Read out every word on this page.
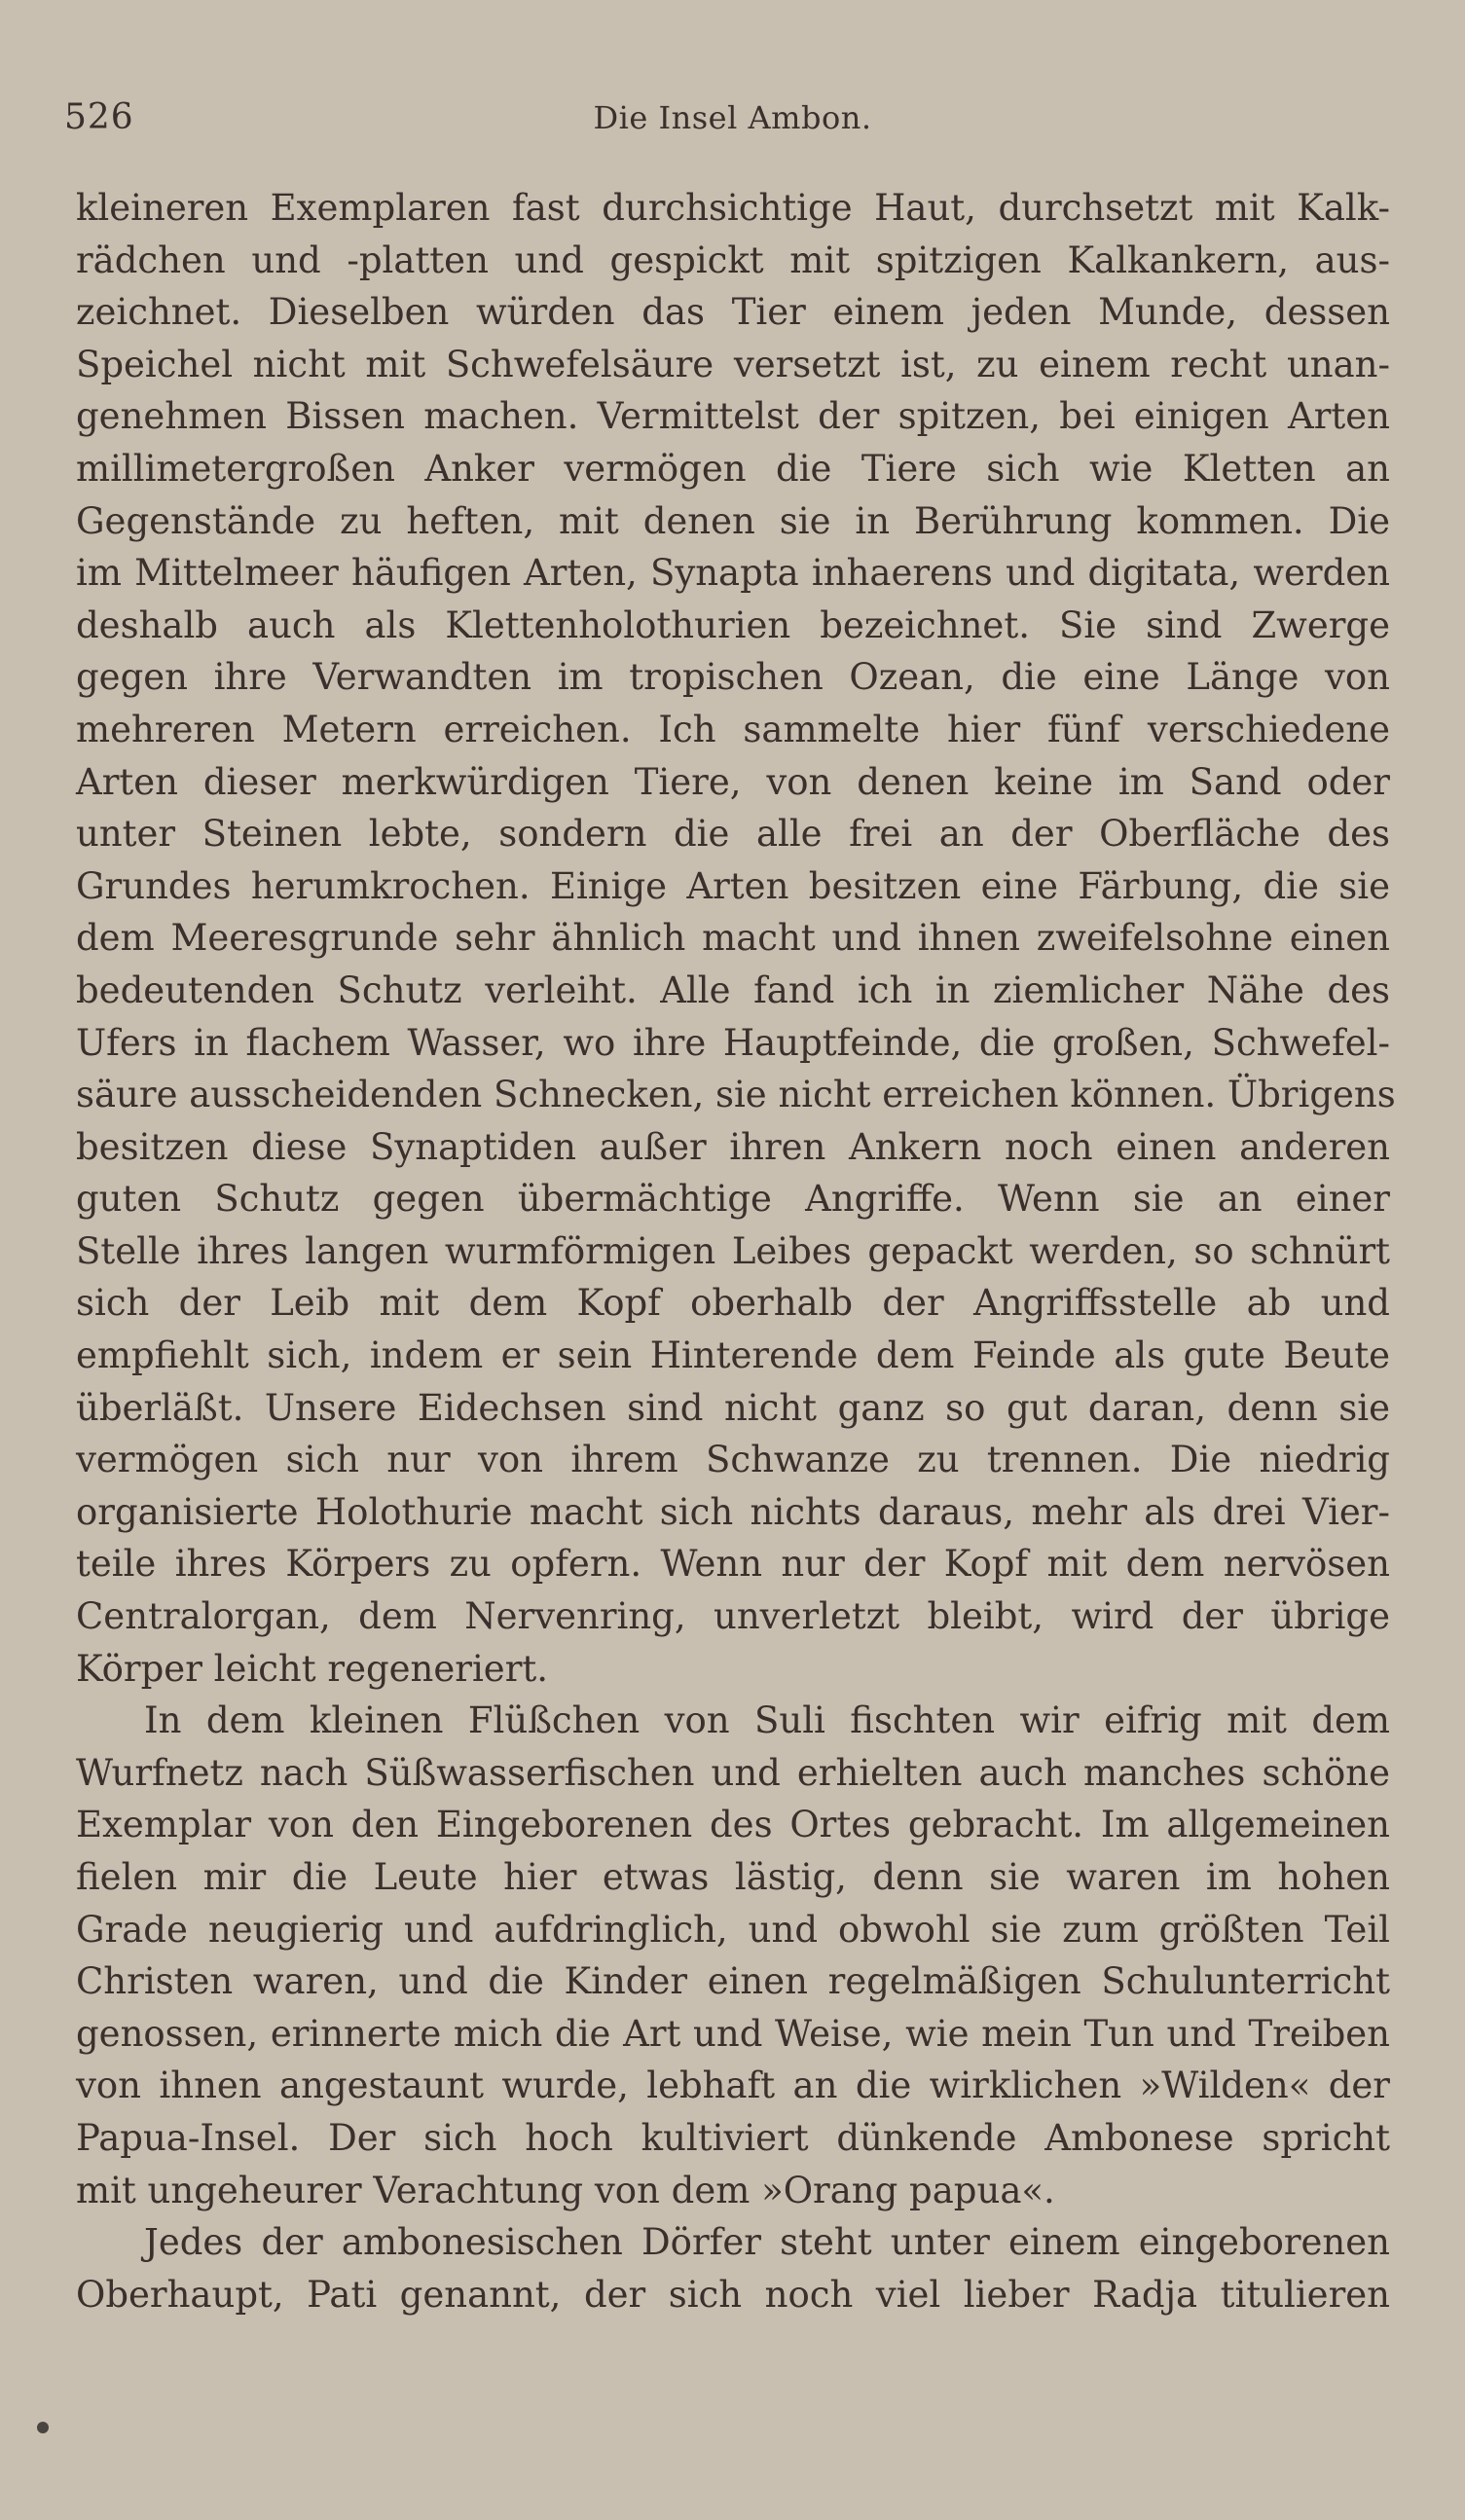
526	Die Insel Ambon.
kleineren Exemplaren fast durchsichtige Haut, durchsetzt mit Kalk-
rädchen und -platten und gespickt mit spitzigen Kalkankern, aus-
zeichnet. Dieselben würden das Tier einem jeden Munde, dessen
Speichel nicht mit Schwefelsäure versetzt ist, zu einem recht unan-
genehmen Bissen machen. Vermittelst der spitzen, bei einigen Arten
millimetergroßen Anker vermögen die Tiere sich wie Kletten an
Gegenstände zu heften, mit denen sie in Berührung kommen. Die
im Mittelmeer häufigen Arten, Synapta inhaerens und digitata, werden
deshalb auch als Klettenholothurien bezeichnet. Sie sind Zwerge
gegen ihre Verwandten im tropischen Ozean, die eine Länge von
mehreren Metern erreichen. Ich sammelte hier fünf verschiedene
Arten dieser merkwürdigen Tiere, von denen keine im Sand oder
unter Steinen lebte, sondern die alle frei an der Oberfläche des
Grundes herumkrochen. Einige Arten besitzen eine Färbung, die sie
dem Meeresgrunde sehr ähnlich macht und ihnen zweifelsohne einen
bedeutenden Schutz verleiht. Alle fand ich in ziemlicher Nähe des
Ufers in flachem Wasser, wo ihre Hauptfeinde, die großen, Schwefel-
säure ausscheidenden Schnecken, sie nicht erreichen können. Übrigens
besitzen diese Synaptiden außer ihren Ankern noch einen anderen
guten Schutz gegen übermächtige Angriffe. Wenn sie an einer
Stelle ihres langen wurmförmigen Leibes gepackt werden, so schnürt
sich der Leib mit dem Kopf oberhalb der Angriffsstelle ab und
empfiehlt sich, indem er sein Hinterende dem Feinde als gute Beute
überläßt. Unsere Eidechsen sind nicht ganz so gut daran, denn sie
vermögen sich nur von ihrem Schwanze zu trennen. Die niedrig
organisierte Holothurie macht sich nichts daraus, mehr als drei Vier-
teile ihres Körpers zu opfern. Wenn nur der Kopf mit dem nervösen
Centralorgan, dem Nervenring, unverletzt bleibt, wird der übrige
Körper leicht regeneriert.
In dem kleinen Flüßchen von Suli fischten wir eifrig mit dem
Wurfnetz nach Süßwasserfischen und erhielten auch manches schöne
Exemplar von den Eingeborenen des Ortes gebracht. Im allgemeinen
fielen mir die Leute hier etwas lästig, denn sie waren im hohen
Grade neugierig und aufdringlich, und obwohl sie zum größten Teil
Christen waren, und die Kinder einen regelmäßigen Schulunterricht
genossen, erinnerte mich die Art und Weise, wie mein Tun und Treiben
von ihnen angestaunt wurde, lebhaft an die wirklichen »Wilden« der
Papua-Insel. Der sich hoch kultiviert dünkende Ambonese spricht
mit ungeheurer Verachtung von dem »Orang papua«.
Jedes der ambonesischen Dörfer steht unter einem eingeborenen
Oberhaupt, Pati genannt, der sich noch viel lieber Radja titulieren
